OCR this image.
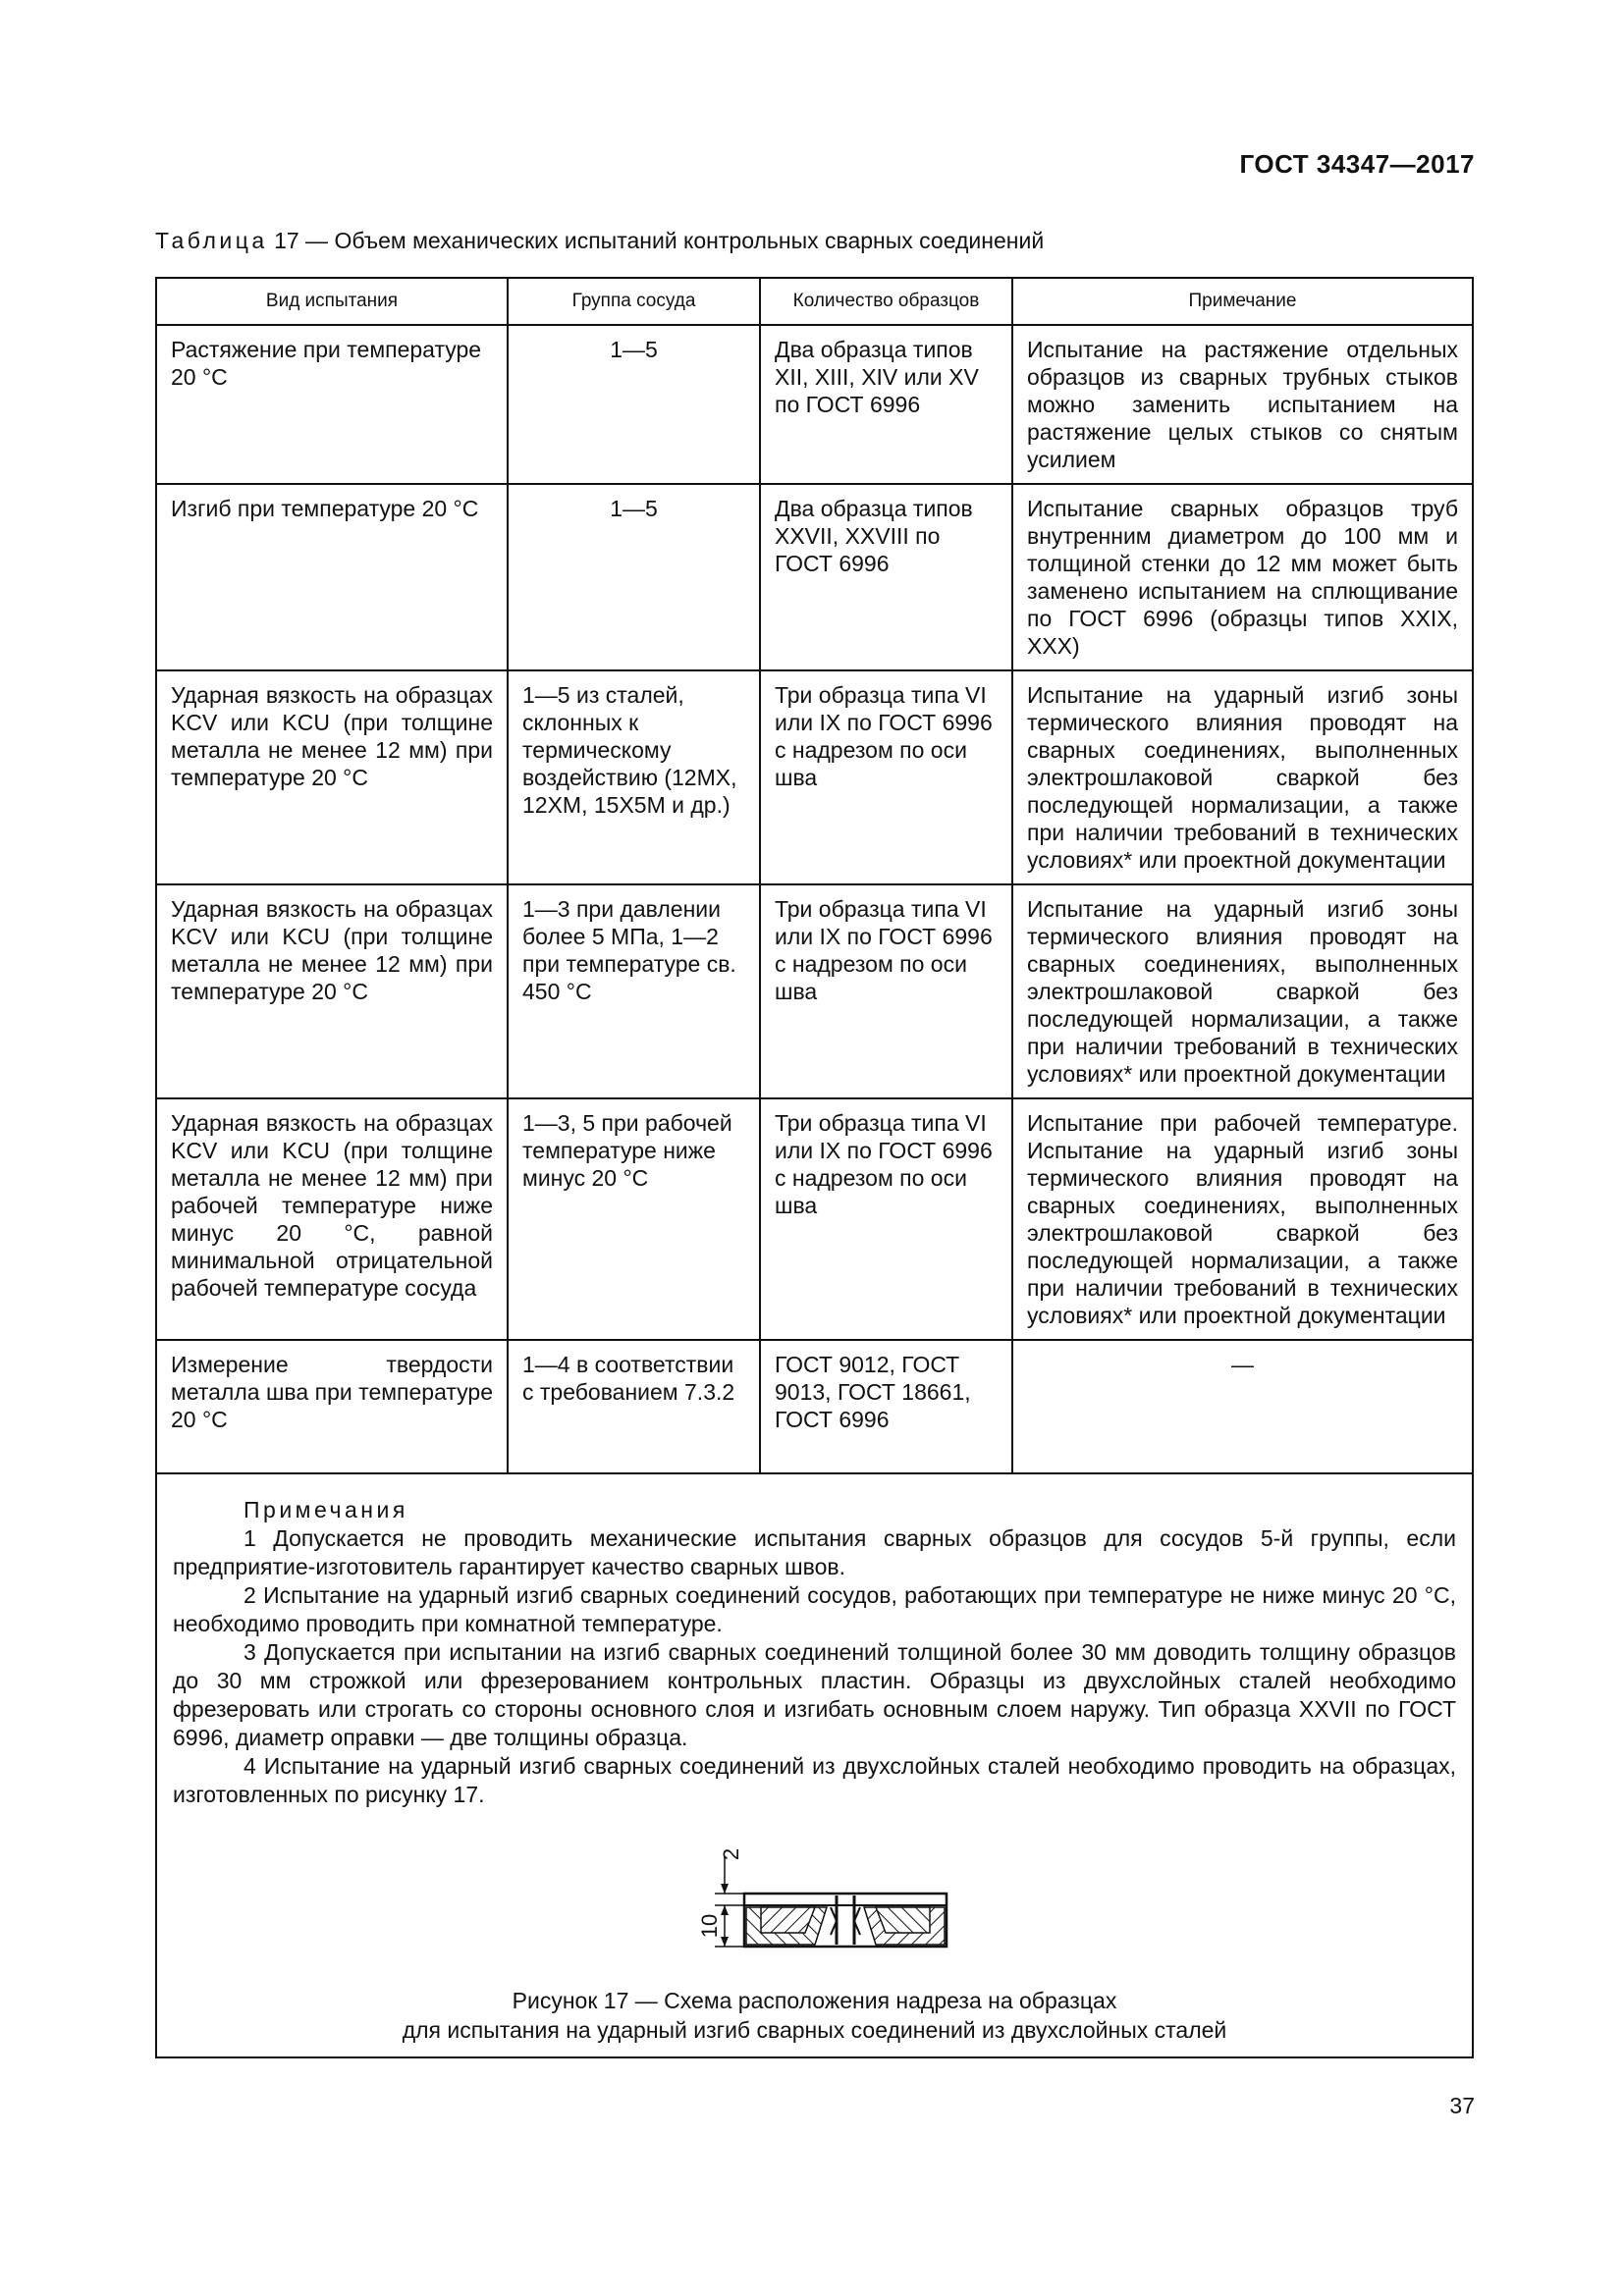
ГОСТ 34347—2017
Таблица 17 — Объем механических испытаний контрольных сварных соединений
Вид испытания	Группа сосуда	Количество образцов	Примечание
Растяжение при температуре 20 °С	1—5	Два образца типов XII, XIII, XIV или XV по ГОСТ 6996	Испытание на растяжение отдельных образцов из сварных трубных стыков можно заменить испытанием на растяжение целых стыков со снятым усилием
Изгиб при температуре 20 °С	1—5	Два образца типов XXVII, XXVIII по ГОСТ 6996	Испытание сварных образцов труб внутренним диаметром до 100 мм и толщиной стенки до 12 мм может быть заменено испытанием на сплющивание по ГОСТ 6996 (образцы типов XXIX, XXX)
Ударная вязкость на образцах KCV или KCU (при толщине металла не менее 12 мм) при температуре 20 °С	1—5 из сталей, склонных к термическому воздействию (12МХ, 12ХМ, 15Х5М и др.)	Три образца типа VI или IX по ГОСТ 6996 с надрезом по оси шва	Испытание на ударный изгиб зоны термического влияния проводят на сварных соединениях, выполненных электрошлаковой сваркой без последующей нормализации, а также при наличии требований в технических условиях* или проектной документации
Ударная вязкость на образцах KCV или KCU (при толщине металла не менее 12 мм) при температуре 20 °С	1—3 при давлении более 5 МПа, 1—2 при температуре св. 450 °С	Три образца типа VI или IX по ГОСТ 6996 с надрезом по оси шва	Испытание на ударный изгиб зоны термического влияния проводят на сварных соединениях, выполненных электрошлаковой сваркой без последующей нормализации, а также при наличии требований в технических условиях* или проектной документации
Ударная вязкость на образцах KCV или KCU (при толщине металла не менее 12 мм) при рабочей температуре ниже минус 20 °С, равной минимальной отрицательной рабочей температуре сосуда	1—3, 5 при рабочей температуре ниже минус 20 °С	Три образца типа VI или IX по ГОСТ 6996 с надрезом по оси шва	Испытание при рабочей температуре. Испытание на ударный изгиб зоны термического влияния проводят на сварных соединениях, выполненных электрошлаковой сваркой без последующей нормализации, а также при наличии требований в технических условиях* или проектной документации
Измерение твердости металла шва при температуре 20 °С	1—4 в соответствии с требованием 7.3.2	ГОСТ 9012, ГОСТ 9013, ГОСТ 18661, ГОСТ 6996	—
Примечания

1 Допускается не проводить механические испытания сварных образцов для сосудов 5-й группы, если предприятие-изготовитель гарантирует качество сварных швов.

2 Испытание на ударный изгиб сварных соединений сосудов, работающих при температуре не ниже минус 20 °С, необходимо проводить при комнатной температуре.

3 Допускается при испытании на изгиб сварных соединений толщиной более 30 мм доводить толщину образцов до 30 мм строжкой или фрезерованием контрольных пластин. Образцы из двухслойных сталей необходимо фрезеровать или строгать со стороны основного слоя и изгибать основным слоем наружу. Тип образца XXVII по ГОСТ 6996, диаметр оправки — две толщины образца.

4 Испытание на ударный изгиб сварных соединений из двухслойных сталей необходимо проводить на образцах, изготовленных по рисунку 17.

2
10
Рисунок 17 — Схема расположения надреза на образцах
для испытания на ударный изгиб сварных соединений из двухслойных сталей
37
